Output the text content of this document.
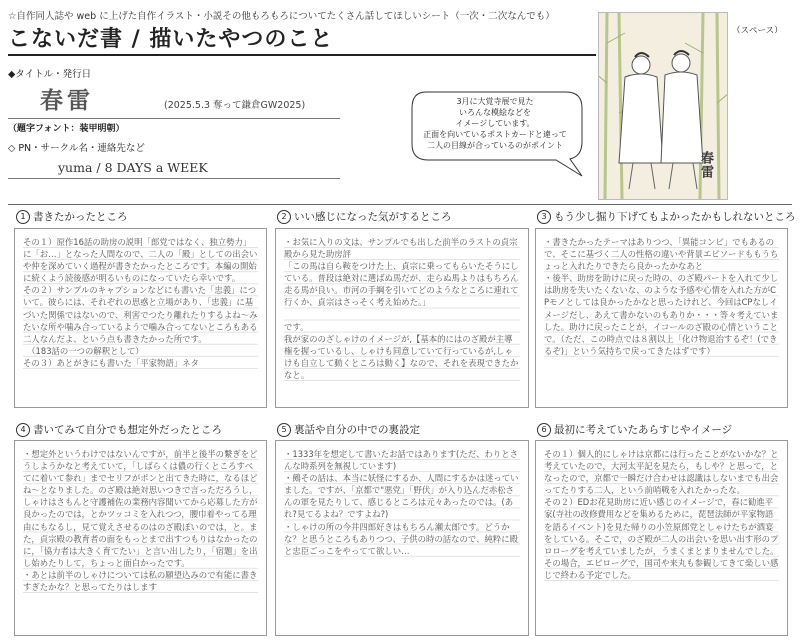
☆自作同人誌や web に上げた自作イラスト・小説その他もろもろについてたくさん話してほしいシート（一次・二次なんでも）
こないだ書 / 描いたやつのこと
◆タイトル・発行日
春雷	(2025.5.3 奪って鎌倉GW2025)
（題字フォント：装甲明朝）
◇ PN・サークル名・連絡先など
yuma / 8 DAYS a WEEK
3月に大覚寺展で見た
いろんな模絵などを
イメージしています。
正面を向いているポストカードと違って
二人の目線が合っているのがポイント
（スペース）
春雷
1 書きたかったところ
その１）原作16話の助房の説明「郎党ではなく、独立勢力」に「お…」となった人間なので、二人の「殿」としての出会いや仲を深めていく過程が書きたかったところです。本編の開始に続くよう読後感が明るいものになっていたら幸いです。
その２）サンプルのキャプションなどにも書いた「忠義」について。彼らには、それぞれの思惑と立場があり、「忠義」に基づいた関係ではないので、利害でつたり離れたりするよね〜みたいな所や噛み合っているようで噛み合ってないところもある二人なんだよ、という点も書きたかった所です。
　（183話の一つの解釈として）
その３）あとがきにも書いた「平家物語」ネタ
2 いい感じになった気がするところ
・お気に入りの文は、サンプルでも出した前半のラストの貞宗殿から見た助房評
「この馬は自ら鞍をつけた上、貞宗に乗ってもらいたそうにしている。普段は絶対に選ばぬ馬だが、走らぬ馬よりはもちろん走る馬が良い。市河の手綱を引いてどのようなところに連れて行くか、貞宗はさっそく考え始めた。」

です。
我が家ののざしゃけのイメージが,【基本的にはのざ殿が主導権を握っているし、しゃけも同意していて行っているが,しゃけも自立して動くところは動く】なので、それを表現できたかなと。
3 もう少し掘り下げてもよかったかもしれないところ
・書きたかったテーマはありつつ、「異能コンビ」でもあるので、そこに基づく二人の性格の違いや背景エピソードももうちょっと入れたりできたら良かったかなあと
・後半、助房を助けに戻った時の、のざ殿パートを入れて少しは助房を失いたくないな、のような予感や心情を入れた方がCPモノとしては良かったかなと思ったけれど、今回はCPなしイメージだし、あえて書かないのもありか・・・等々考えていました。助けに戻ったことが，イコールのざ殿の心情ということで。（ただ、この時点では８割以上「化け物退治するぞ！(できるぞ)」という気持ちで戻ってきたはずです）
4 書いてみて自分でも想定外だったところ
・想定外というわけではないんですが，前半と後半の繋ぎをどうしようかなと考えていて，「しばらくは儂の行くところすべてに着いて参れ」までセリフがポンと出てきた時に，なるほどね〜となりました。のざ殿は絶対思いつきで言っただろうし，しゃけはさもんと守護補佐の業務内容聞いてから応募した方が良かったのでは，とかツッコミを入れつつ，腰巾着やってる理由にもなるし，見て覚えさせるのはのざ殿ぽいのでは，と。また，貞宗殿の教育者の面をもっとまで出すつもりはなかったのに，「協力者は大きく育てたい」と言い出したり，「宿題」を出し始めたりして，ちょっと面白かったです。
・あとは前半のしゃけについては私の願望込みので有能に書きすぎたかな？と思ってたりはします
5 裏話や自分の中での裏設定
・1333年を想定して書いたお話ではあります(ただ、わりとさんな時系列を無視しています)
・鵺その話は、本当に妖怪にするか、人間にするかは迷っていました。ですが、「京都で"悪党」「野伏」が入り込んだ赤松さんの軍を見たりして、感じるところは元々あったのでは。(あれ?見てるよね？ですよね?)
・しゃけの所の今井四郎好きはもちろん瀬太郎です。どうかな？と思うところもありつつ、子供の時の話なので、純粋に殿と忠臣ごっこをやってて欲しい…
6 最初に考えていたあらすじやイメージ
その１）個人的にしゃけは京都には行ったことがないかな？と考えていたので，大河太平記を見たら，もしや？と思って，となったので，京都で一瞬だけ合わせは認識はしないまでも出会ってたりする二人，という前哨戦を入れたかったな。
その２）EDお花見助房に近い感じのイメージで，春に勧進平家(寺社の改修費用などを集めるために，琵琶法師が平家物語を語るイベント)を見た帰りの小笠原郎党としゃけたちが酒宴をしている。そこで，のざ殿が二人の出会いを思い出す形のプロローグを考えていましたが，うまくまとまりませんでした。その場合，エピローグで，国司や来丸も参観してきて楽しい感じで終わる予定でした。
